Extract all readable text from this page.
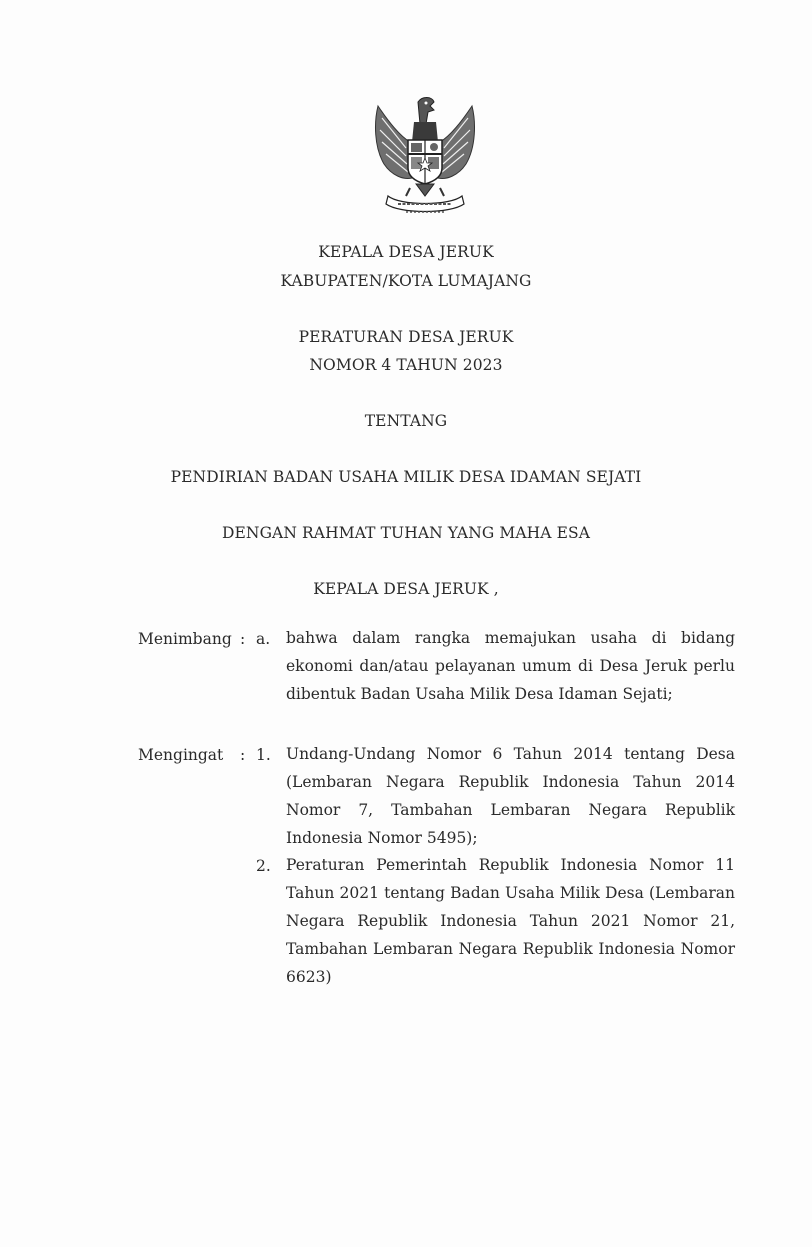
KEPALA DESA JERUK
KABUPATEN/KOTA LUMAJANG
PERATURAN DESA JERUK
NOMOR 4 TAHUN 2023
TENTANG
PENDIRIAN BADAN USAHA MILIK DESA IDAMAN SEJATI
DENGAN RAHMAT TUHAN YANG MAHA ESA
KEPALA DESA JERUK ,
Menimbang : a. bahwa dalam rangka memajukan usaha di bidang ekonomi dan/atau pelayanan umum di Desa Jeruk perlu dibentuk Badan Usaha Milik Desa Idaman Sejati;

Mengingat : 1. Undang-Undang Nomor 6 Tahun 2014 tentang Desa (Lembaran Negara Republik Indonesia Tahun 2014 Nomor 7, Tambahan Lembaran Negara Republik Indonesia Nomor 5495);

2. Peraturan Pemerintah Republik Indonesia Nomor 11 Tahun 2021 tentang Badan Usaha Milik Desa (Lembaran Negara Republik Indonesia Tahun 2021 Nomor 21, Tambahan Lembaran Negara Republik Indonesia Nomor 6623)
